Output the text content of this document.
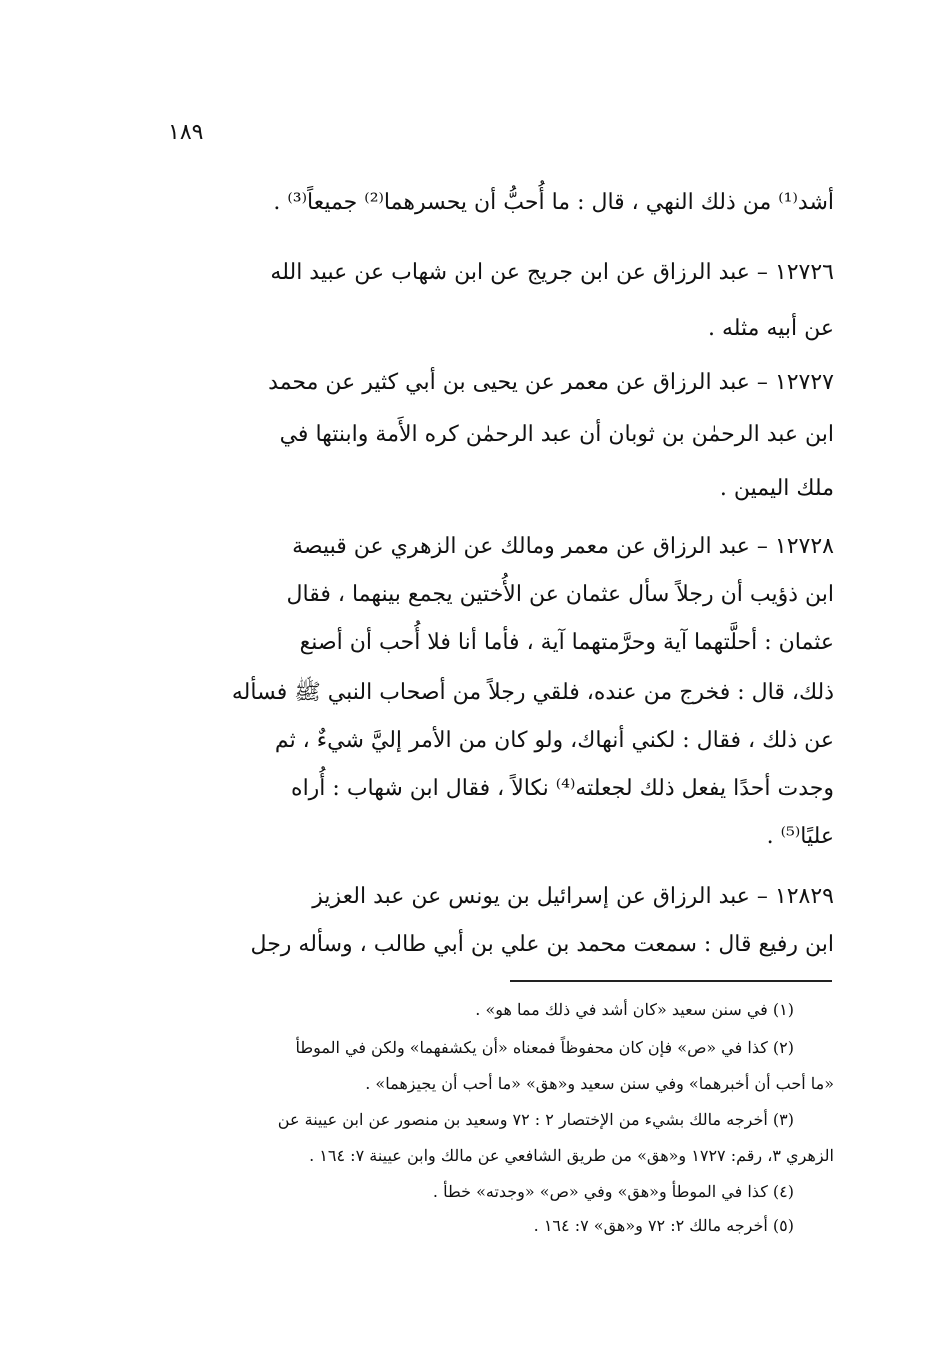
١٨٩
أشد⁽¹⁾ من ذلك النهي ، قال : ما أُحبُّ أن يحسرهما⁽²⁾ جميعاً⁽³⁾ .
١٢٧٢٦ – عبد الرزاق عن ابن جريج عن ابن شهاب عن عبيد الله
عن أبيه مثله .
١٢٧٢٧ – عبد الرزاق عن معمر عن يحيى بن أبي كثير عن محمد
ابن عبد الرحمٰن بن ثوبان أن عبد الرحمٰن كره الأَمة وابنتها في
ملك اليمين .
١٢٧٢٨ – عبد الرزاق عن معمر ومالك عن الزهري عن قبيصة
ابن ذؤيب أن رجلاً سأل عثمان عن الأُختين يجمع بينهما ، فقال
عثمان : أحلَّتهما آية وحرَّمتهما آية ، فأما أنا فلا أُحب أن أصنع
ذلك، قال : فخرج من عنده، فلقي رجلاً من أصحاب النبي ﷺ فسأله
عن ذلك ، فقال : لكني أنهاك، ولو كان من الأمر إليَّ شيءٌ ، ثم
وجدت أحدًا يفعل ذلك لجعلته⁽⁴⁾ نكالاً ، فقال ابن شهاب : أُراه
عليًا⁽⁵⁾ .
١٢٨٢٩ – عبد الرزاق عن إسرائيل بن يونس عن عبد العزيز
ابن رفيع قال : سمعت محمد بن علي بن أبي طالب ، وسأله رجل
(١) في سنن سعيد «كان أشد في ذلك مما هو» .
(٢) كذا في «ص» فإن كان محفوظاً فمعناه «أن يكشفهما» ولكن في الموطأ
«ما أحب أن أخبرهما» وفي سنن سعيد و«هق» «ما أحب أن يجيزهما» .
(٣) أخرجه مالك بشيء من الإختصار ٢ : ٧٢ وسعيد بن منصور عن ابن عيينة عن
الزهري ٣، رقم: ١٧٢٧ و«هق» من طريق الشافعي عن مالك وابن عيينة ٧: ١٦٤ .
(٤) كذا في الموطأ و«هق» وفي «ص» «وجدته» خطأ .
(٥) أخرجه مالك ٢: ٧٢ و«هق» ٧: ١٦٤ .
